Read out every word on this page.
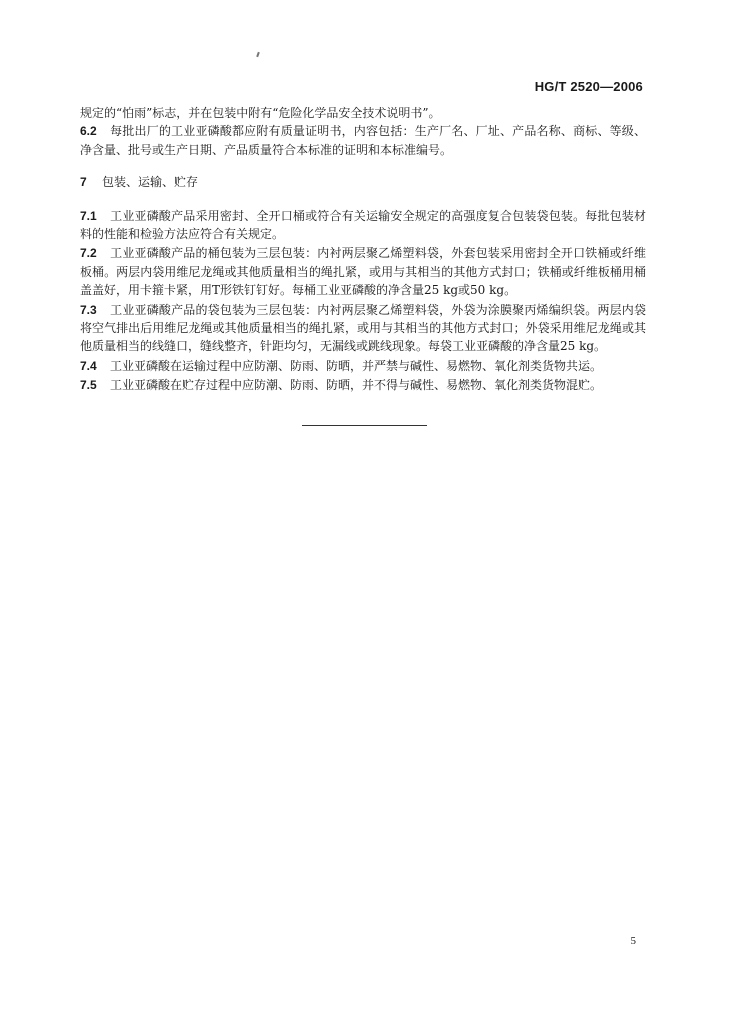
HG/T 2520—2006

规定的“怕雨”标志，并在包装中附有“危险化学品安全技术说明书”。

6.2 每批出厂的工业亚磷酸都应附有质量证明书，内容包括：生产厂名、厂址、产品名称、商标、等级、净含量、批号或生产日期、产品质量符合本标准的证明和本标准编号。

7 包装、运输、贮存

7.1 工业亚磷酸产品采用密封、全开口桶或符合有关运输安全规定的高强度复合包装袋包装。每批包装材料的性能和检验方法应符合有关规定。

7.2 工业亚磷酸产品的桶包装为三层包装：内衬两层聚乙烯塑料袋，外套包装采用密封全开口铁桶或纤维板桶。两层内袋用维尼龙绳或其他质量相当的绳扎紧，或用与其相当的其他方式封口；铁桶或纤维板桶用桶盖盖好，用卡箍卡紧，用T形铁钉钉好。每桶工业亚磷酸的净含量25 kg或50 kg。

7.3 工业亚磷酸产品的袋包装为三层包装：内衬两层聚乙烯塑料袋，外袋为涂膜聚丙烯编织袋。两层内袋将空气排出后用维尼龙绳或其他质量相当的绳扎紧，或用与其相当的其他方式封口；外袋采用维尼龙绳或其他质量相当的线缝口，缝线整齐，针距均匀，无漏线或跳线现象。每袋工业亚磷酸的净含量25 kg。

7.4 工业亚磷酸在运输过程中应防潮、防雨、防晒，并严禁与碱性、易燃物、氧化剂类货物共运。

7.5 工业亚磷酸在贮存过程中应防潮、防雨、防晒，并不得与碱性、易燃物、氧化剂类货物混贮。

5
